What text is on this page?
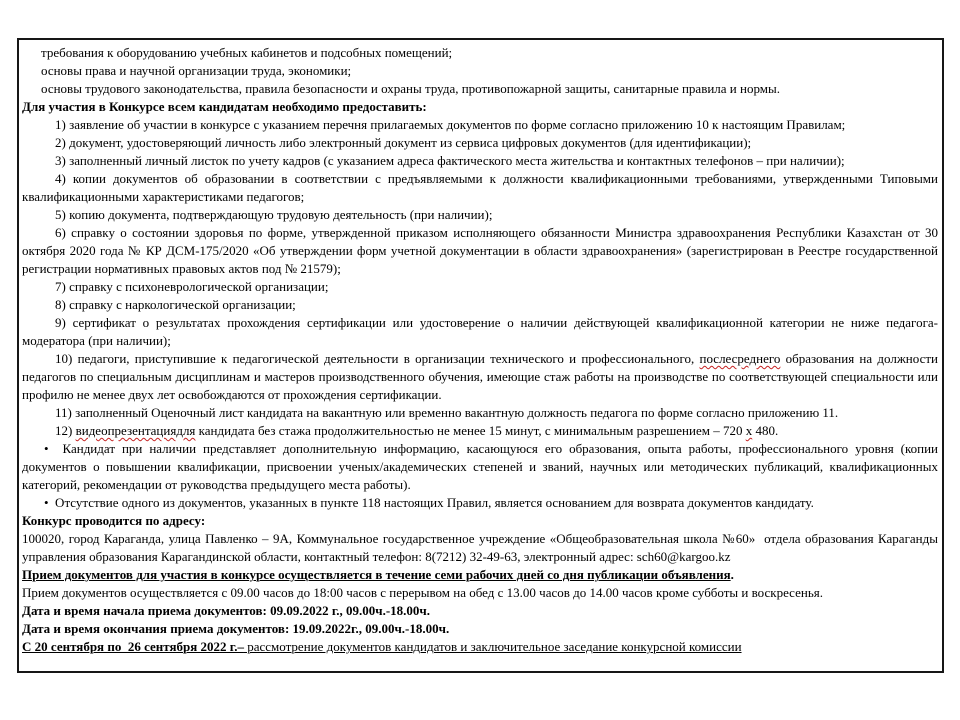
требования к оборудованию учебных кабинетов и подсобных помещений;

основы права и научной организации труда, экономики;

основы трудового законодательства, правила безопасности и охраны труда, противопожарной защиты, санитарные правила и нормы.

Для участия в Конкурсе всем кандидатам необходимо предоставить:

1) заявление об участии в конкурсе с указанием перечня прилагаемых документов по форме согласно приложению 10 к настоящим Правилам;

2) документ, удостоверяющий личность либо электронный документ из сервиса цифровых документов (для идентификации);

3) заполненный личный листок по учету кадров (с указанием адреса фактического места жительства и контактных телефонов – при наличии);

4) копии документов об образовании в соответствии с предъявляемыми к должности квалификационными требованиями, утвержденными Типовыми квалификационными характеристиками педагогов;

5) копию документа, подтверждающую трудовую деятельность (при наличии);

6) справку о состоянии здоровья по форме, утвержденной приказом исполняющего обязанности Министра здравоохранения Республики Казахстан от 30 октября 2020 года № КР ДСМ-175/2020 «Об утверждении форм учетной документации в области здравоохранения» (зарегистрирован в Реестре государственной регистрации нормативных правовых актов под № 21579);

7) справку с психоневрологической организации;

8) справку с наркологической организации;

9) сертификат о результатах прохождения сертификации или удостоверение о наличии действующей квалификационной категории не ниже педагога-модератора (при наличии);

10) педагоги, приступившие к педагогической деятельности в организации технического и профессионального, послесреднего образования на должности педагогов по специальным дисциплинам и мастеров производственного обучения, имеющие стаж работы на производстве по соответствующей специальности или профилю не менее двух лет освобождаются от прохождения сертификации.

11) заполненный Оценочный лист кандидата на вакантную или временно вакантную должность педагога по форме согласно приложению 11.

12) видеопрезентациядля кандидата без стажа продолжительностью не менее 15 минут, с минимальным разрешением – 720 х 480.

•  Кандидат при наличии представляет дополнительную информацию, касающуюся его образования, опыта работы, профессионального уровня (копии документов о повышении квалификации, присвоении ученых/академических степеней и званий, научных или методических публикаций, квалификационных категорий, рекомендации от руководства предыдущего места работы).

•  Отсутствие одного из документов, указанных в пункте 118 настоящих Правил, является основанием для возврата документов кандидату.

Конкурс проводится по адресу:

100020, город Караганда, улица Павленко – 9А, Коммунальное государственное учреждение «Общеобразовательная школа №60»  отдела образования Караганды управления образования Карагандинской области, контактный телефон: 8(7212) 32-49-63, электронный адрес: sch60@kargoo.kz

Прием документов для участия в конкурсе осуществляется в течение семи рабочих дней со дня публикации объявления.

Прием документов осуществляется с 09.00 часов до 18:00 часов с перерывом на обед с 13.00 часов до 14.00 часов кроме субботы и воскресенья.

Дата и время начала приема документов: 09.09.2022 г., 09.00ч.-18.00ч.

Дата и время окончания приема документов: 19.09.2022г., 09.00ч.-18.00ч.

С 20 сентября по  26 сентября 2022 г.– рассмотрение документов кандидатов и заключительное заседание конкурсной комиссии
